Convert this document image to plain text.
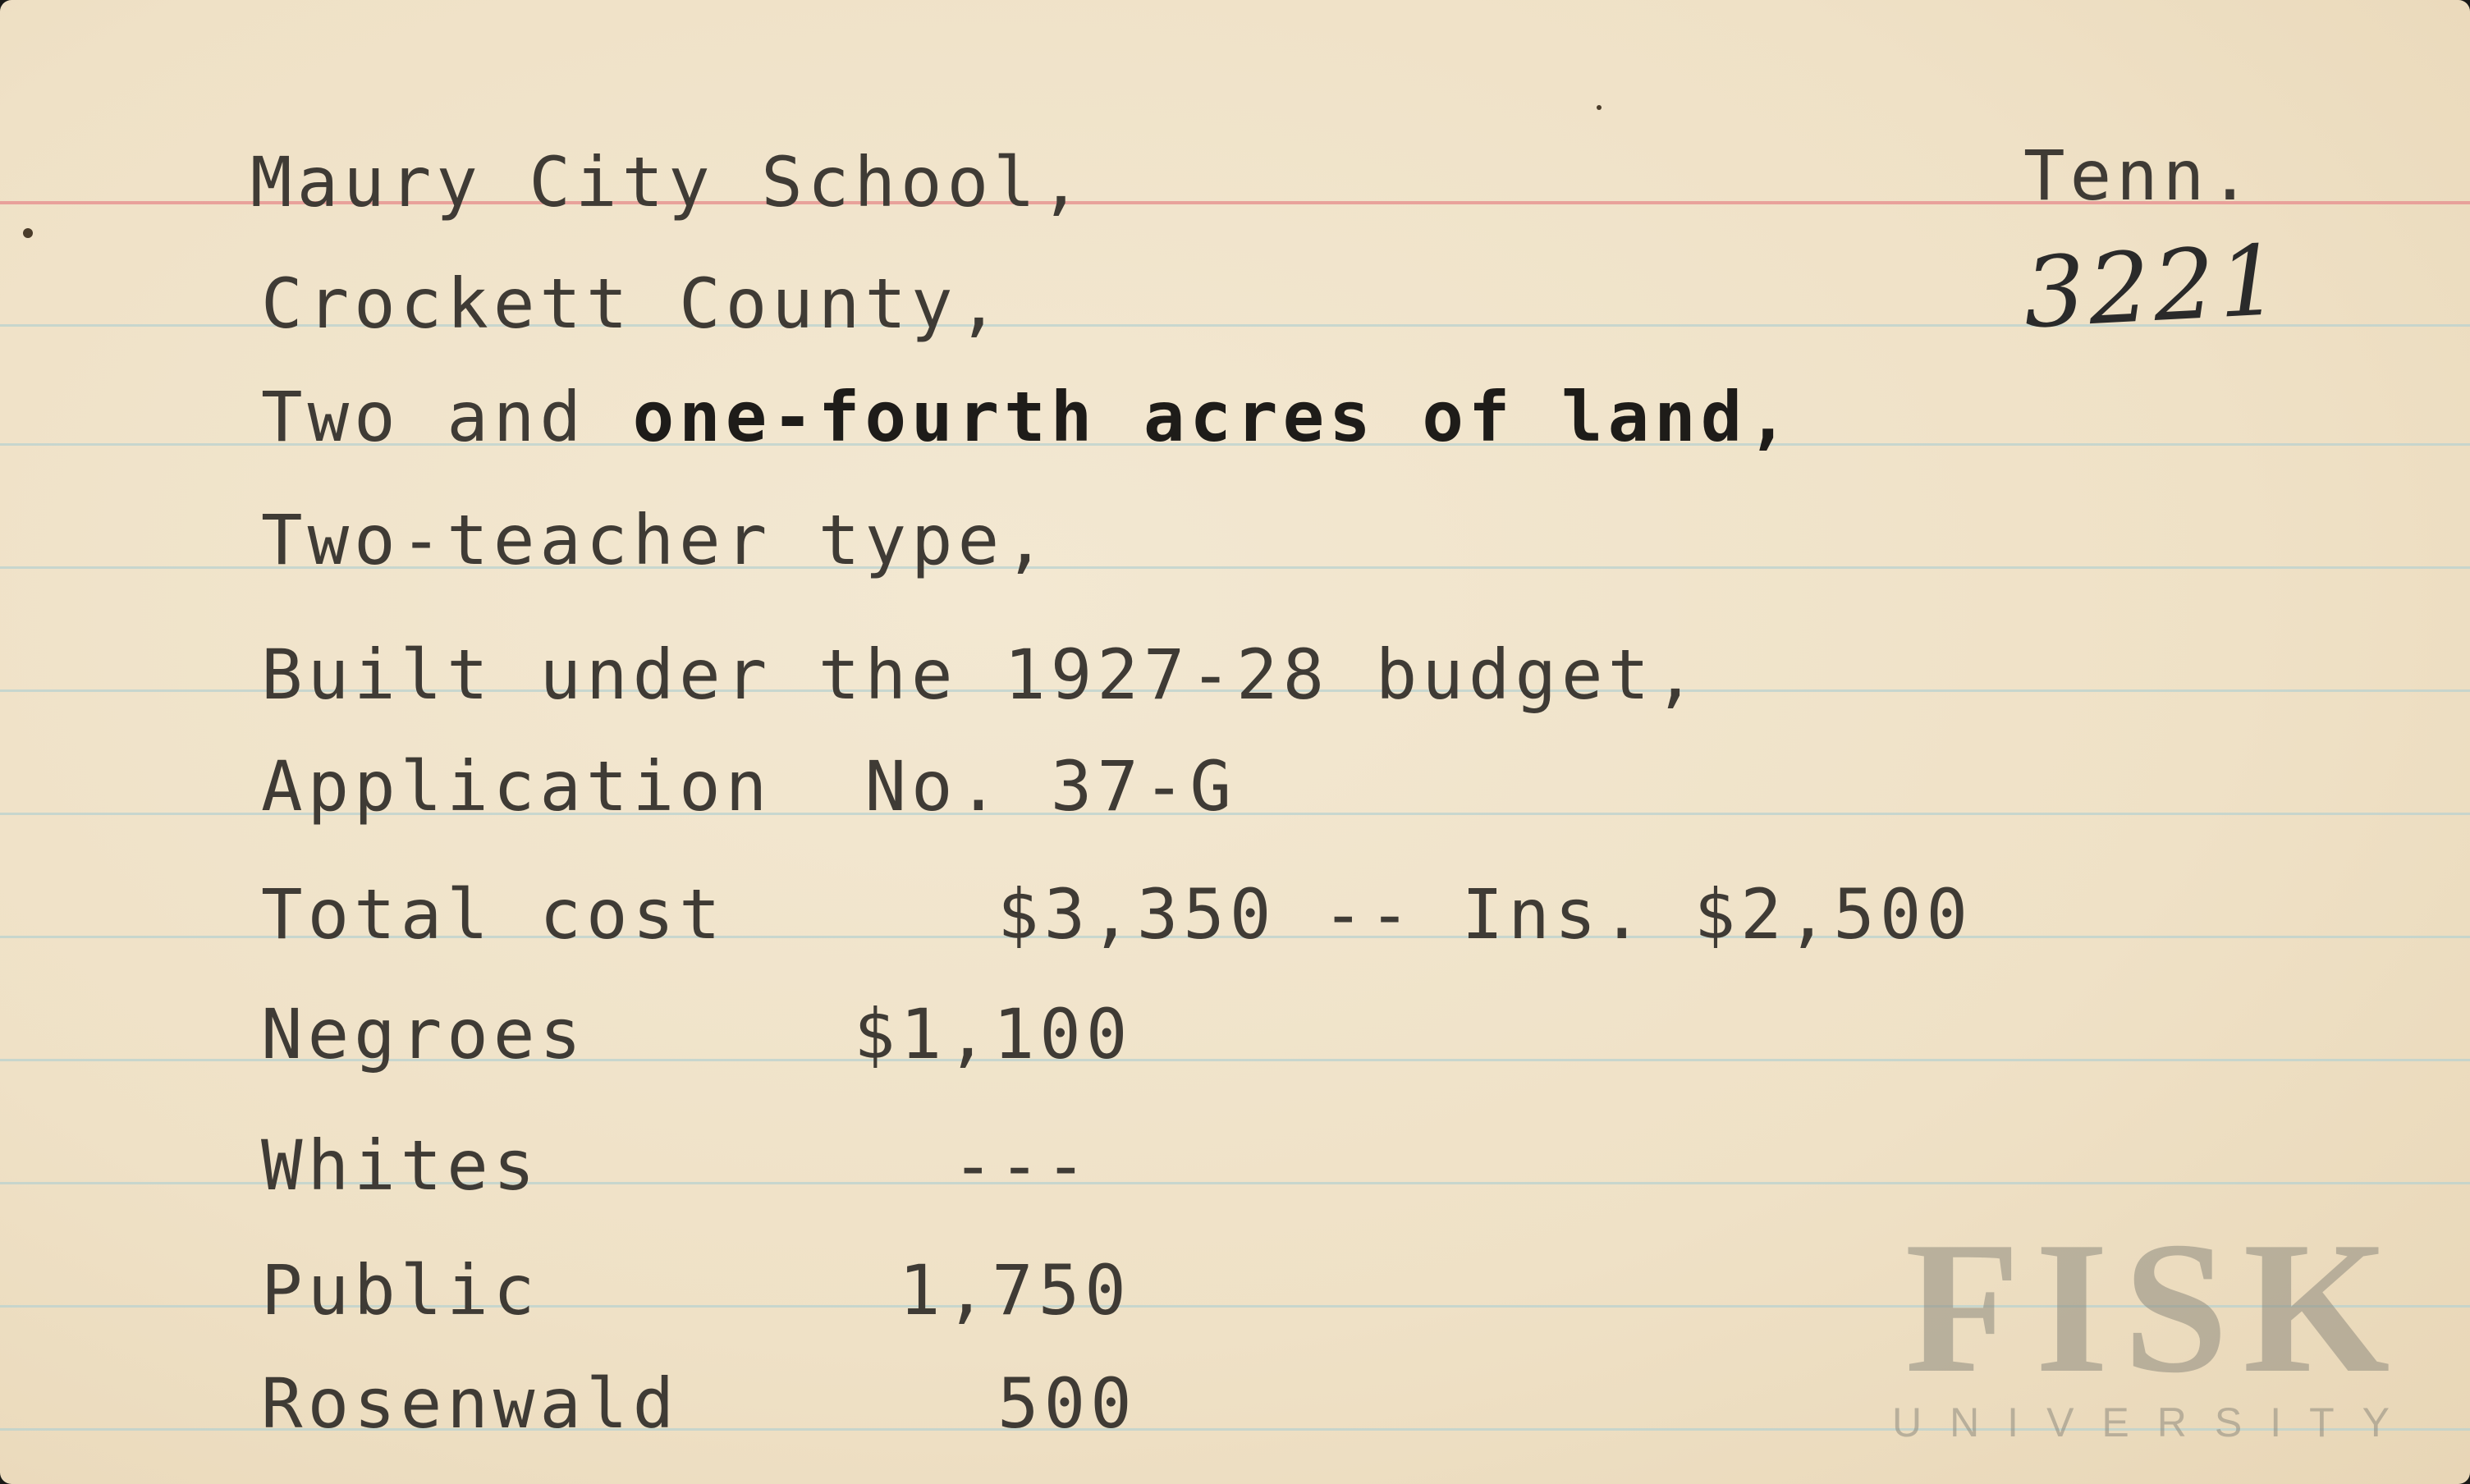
Maury City School,	Tenn.

3221

Crockett County,

Two and one-fourth acres of land,

Two-teacher type,

Built under the 1927-28 budget,

Application No. 37-G

Total cost	$3,350 -- Ins. $2,500

Negroes	$1,100

Whites	---

Public	1,750

Rosenwald	500	FISK
UNIVERSITY
